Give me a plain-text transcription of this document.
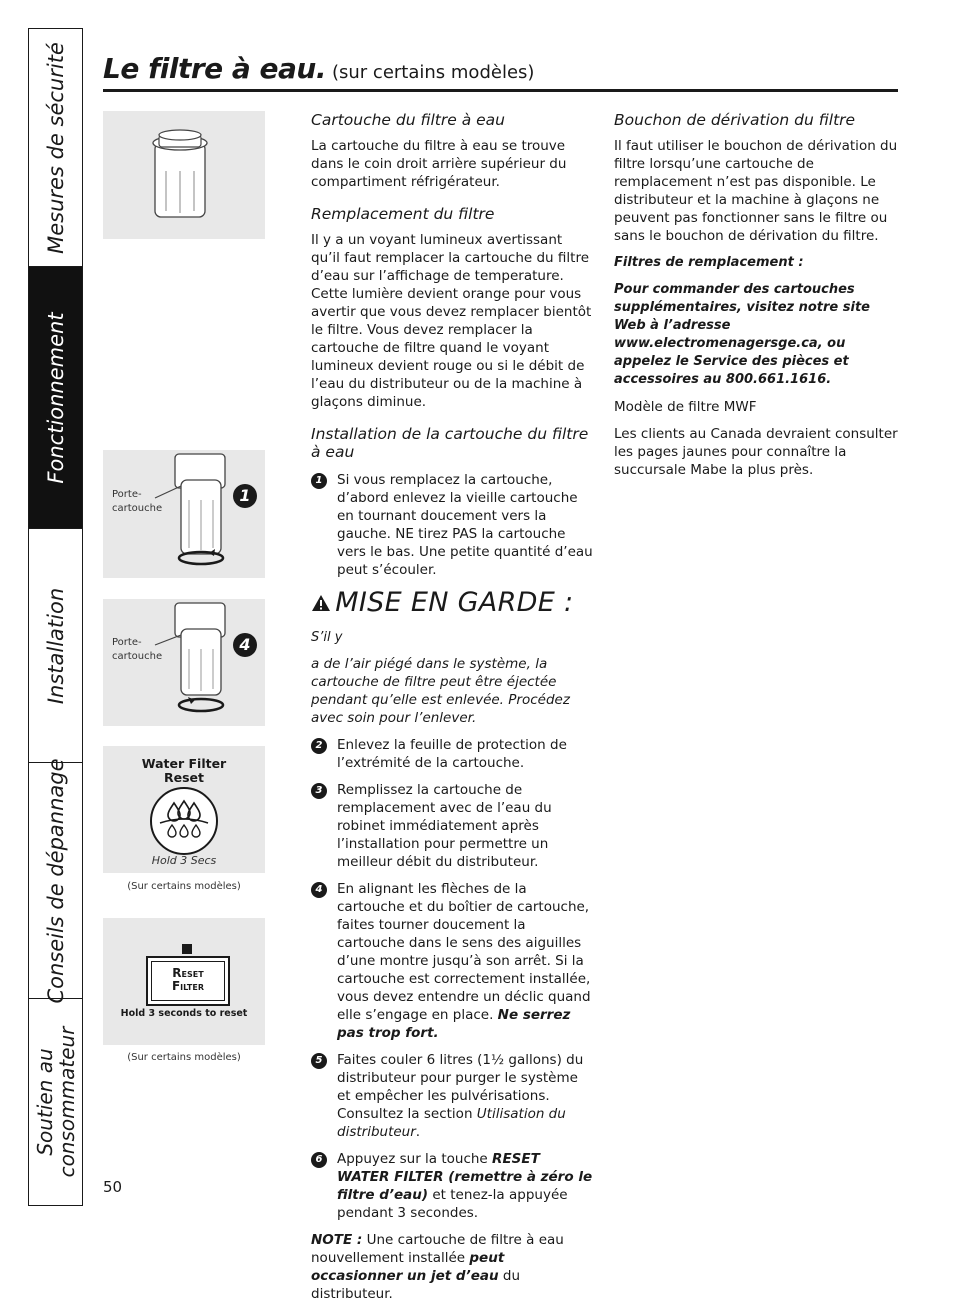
Mesures de sécurité
Fonctionnement
Installation
Conseils de dépannage
Soutien au
consommateur
Le filtre à eau. (sur certains modèles)
Porte-
cartouche
1
Porte-
cartouche
4
Water Filter
Reset
Hold 3 Secs
(Sur certains modèles)
Reset
Filter
Hold 3 seconds to reset
(Sur certains modèles)
Cartouche du filtre à eau

La cartouche du filtre à eau se trouve dans le coin droit arrière supérieur du compartiment réfrigérateur.

Remplacement du filtre

Il y a un voyant lumineux avertissant qu’il faut remplacer la cartouche du filtre d’eau sur l’affichage de temperature. Cette lumière devient orange pour vous avertir que vous devez remplacer bientôt le filtre. Vous devez remplacer la cartouche de filtre quand le voyant lumineux devient rouge ou si le débit de l’eau du distributeur ou de la machine à glaçons diminue.

Installation de la cartouche du filtre à eau
1	Si vous remplacez la cartouche, d’abord enlevez la vieille cartouche en tournant doucement vers la gauche. NE tirez PAS la cartouche vers le bas. Une petite quantité d’eau peut s’écouler.
MISE EN GARDE : S’il y

a de l’air piégé dans le système, la cartouche de filtre peut être éjectée pendant qu’elle est enlevée. Procédez avec soin pour l’enlever.

2	Enlevez la feuille de protection de l’extrémité de la cartouche.
3	Remplissez la cartouche de remplacement avec de l’eau du robinet immédiatement après l’installation pour permettre un meilleur débit du distributeur.
4	En alignant les flèches de la cartouche et du boîtier de cartouche, faites tourner doucement la cartouche dans le sens des aiguilles d’une montre jusqu’à son arrêt. Si la cartouche est correctement installée, vous devez entendre un déclic quand elle s’engage en place. Ne serrez pas trop fort.
5	Faites couler 6 litres (1½ gallons) du distributeur pour purger le système et empêcher les pulvérisations. Consultez la section Utilisation du distributeur.
6	Appuyez sur la touche RESET WATER FILTER (remettre à zéro le filtre d’eau) et tenez-la appuyée pendant 3 secondes.

NOTE : Une cartouche de filtre à eau nouvellement installée peut occasionner un jet d’eau du distributeur.

Bouchon de dérivation du filtre

Il faut utiliser le bouchon de dérivation du filtre lorsqu’une cartouche de remplacement n’est pas disponible. Le distributeur et la machine à glaçons ne peuvent pas fonctionner sans le filtre ou sans le bouchon de dérivation du filtre.

Filtres de remplacement :

Pour commander des cartouches supplémentaires, visitez notre site Web à l’adresse www.electromenagersge.ca, ou appelez le Service des pièces et accessoires au 800.661.1616.

Modèle de filtre MWF

Les clients au Canada devraient consulter les pages jaunes pour connaître la succursale Mabe la plus près.

50
